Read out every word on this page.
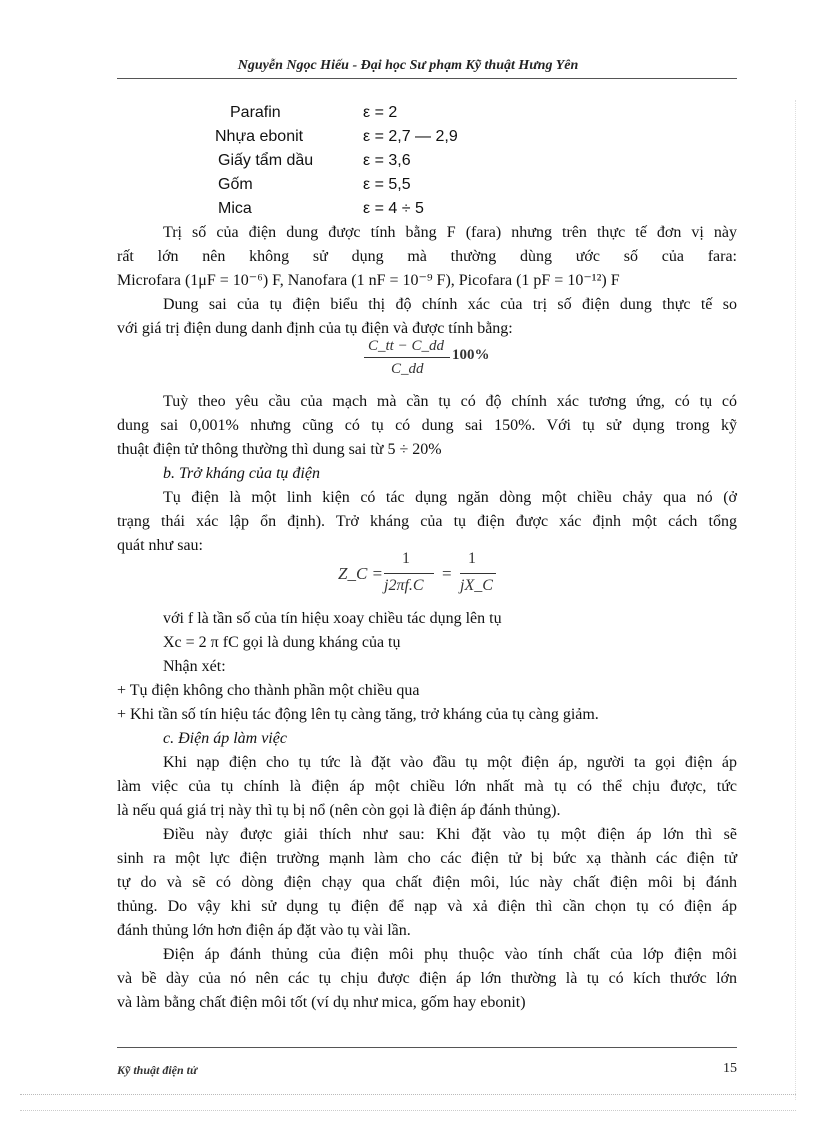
Nguyễn Ngọc Hiếu - Đại học Sư phạm Kỹ thuật Hưng Yên
Parafin	ε = 2
Nhựa ebonit	ε = 2,7 — 2,9
Giấy tẩm dầu	ε = 3,6
Gốm	ε = 5,5
Mica	ε = 4 ÷ 5
Trị số của điện dung được tính bằng F (fara) nhưng trên thực tế đơn vị này
rất lớn nên không sử dụng mà thường dùng ước số của fara:
Microfara (1μF = 10⁻⁶) F, Nanofara (1 nF = 10⁻⁹ F), Picofara (1 pF = 10⁻¹²) F
Dung sai của tụ điện biểu thị độ chính xác của trị số điện dung thực tế so
với giá trị điện dung danh định của tụ điện và được tính bằng:
C_tt − C_dd
100%
C_dd
Tuỳ theo yêu cầu của mạch mà cần tụ có độ chính xác tương ứng, có tụ có
dung sai 0,001% nhưng cũng có tụ có dung sai 150%. Với tụ sử dụng trong kỹ
thuật điện tử thông thường thì dung sai từ 5 ÷ 20%
b. Trở kháng của tụ điện
Tụ điện là một linh kiện có tác dụng ngăn dòng một chiều chảy qua nó (ở
trạng thái xác lập ổn định). Trở kháng của tụ điện được xác định một cách tổng
quát như sau:
Z_C =
1
j2πf.C
=
1
jX_C
với f là tần số của tín hiệu xoay chiều tác dụng lên tụ
Xc = 2 π fC gọi là dung kháng của tụ
Nhận xét:
+ Tụ điện không cho thành phần một chiều qua
+ Khi tần số tín hiệu tác động lên tụ càng tăng, trở kháng của tụ càng giảm.
c. Điện áp làm việc
Khi nạp điện cho tụ tức là đặt vào đầu tụ một điện áp, người ta gọi điện áp
làm việc của tụ chính là điện áp một chiều lớn nhất mà tụ có thể chịu được, tức
là nếu quá giá trị này thì tụ bị nổ (nên còn gọi là điện áp đánh thủng).
Điều này được giải thích như sau: Khi đặt vào tụ một điện áp lớn thì sẽ
sinh ra một lực điện trường mạnh làm cho các điện tử bị bức xạ thành các điện tử
tự do và sẽ có dòng điện chạy qua chất điện môi, lúc này chất điện môi bị đánh
thủng. Do vậy khi sử dụng tụ điện để nạp và xả điện thì cần chọn tụ có điện áp
đánh thủng lớn hơn điện áp đặt vào tụ vài lần.
Điện áp đánh thủng của điện môi phụ thuộc vào tính chất của lớp điện môi
và bề dày của nó nên các tụ chịu được điện áp lớn thường là tụ có kích thước lớn
và làm bằng chất điện môi tốt (ví dụ như mica, gốm hay ebonit)
Kỹ thuật điện tử	15
